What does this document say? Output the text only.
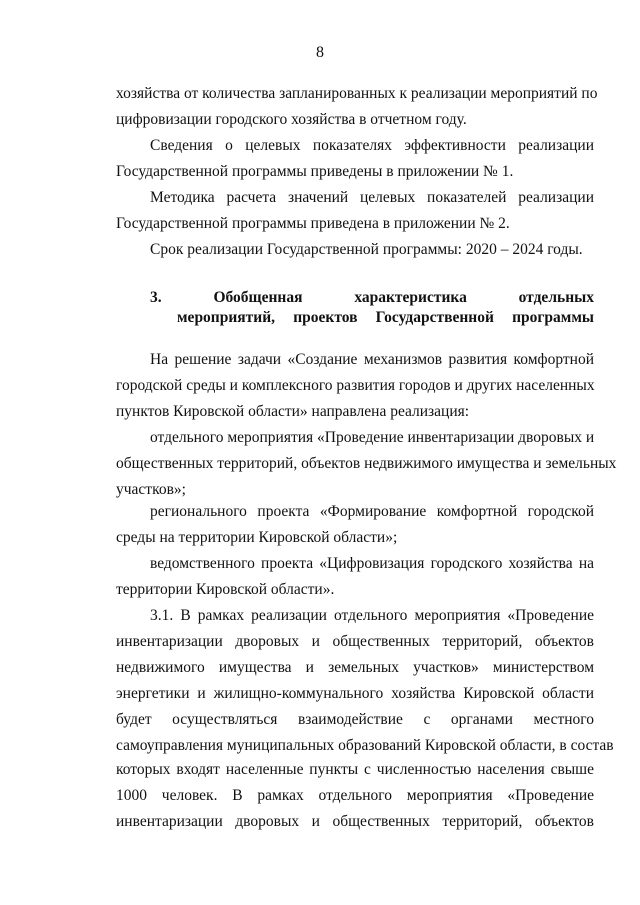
8
хозяйства от количества запланированных к реализации мероприятий по
цифровизации городского хозяйства в отчетном году.
Сведения о целевых показателях эффективности реализации
Государственной программы приведены в приложении № 1.
Методика расчета значений целевых показателей реализации
Государственной программы приведена в приложении № 2.
Срок реализации Государственной программы: 2020 – 2024 годы.
3. Обобщенная характеристика отдельных
мероприятий, проектов Государственной программы
На решение задачи «Создание механизмов развития комфортной
городской среды и комплексного развития городов и других населенных
пунктов Кировской области» направлена реализация:
отдельного мероприятия «Проведение инвентаризации дворовых и
общественных территорий, объектов недвижимого имущества и земельных
участков»;
регионального проекта «Формирование комфортной городской
среды на территории Кировской области»;
ведомственного проекта «Цифровизация городского хозяйства на
территории Кировской области».
3.1. В рамках реализации отдельного мероприятия «Проведение
инвентаризации дворовых и общественных территорий, объектов
недвижимого имущества и земельных участков» министерством
энергетики и жилищно-коммунального хозяйства Кировской области
будет осуществляться взаимодействие с органами местного
самоуправления муниципальных образований Кировской области, в состав
которых входят населенные пункты с численностью населения свыше
1000 человек. В рамках отдельного мероприятия «Проведение
инвентаризации дворовых и общественных территорий, объектов
